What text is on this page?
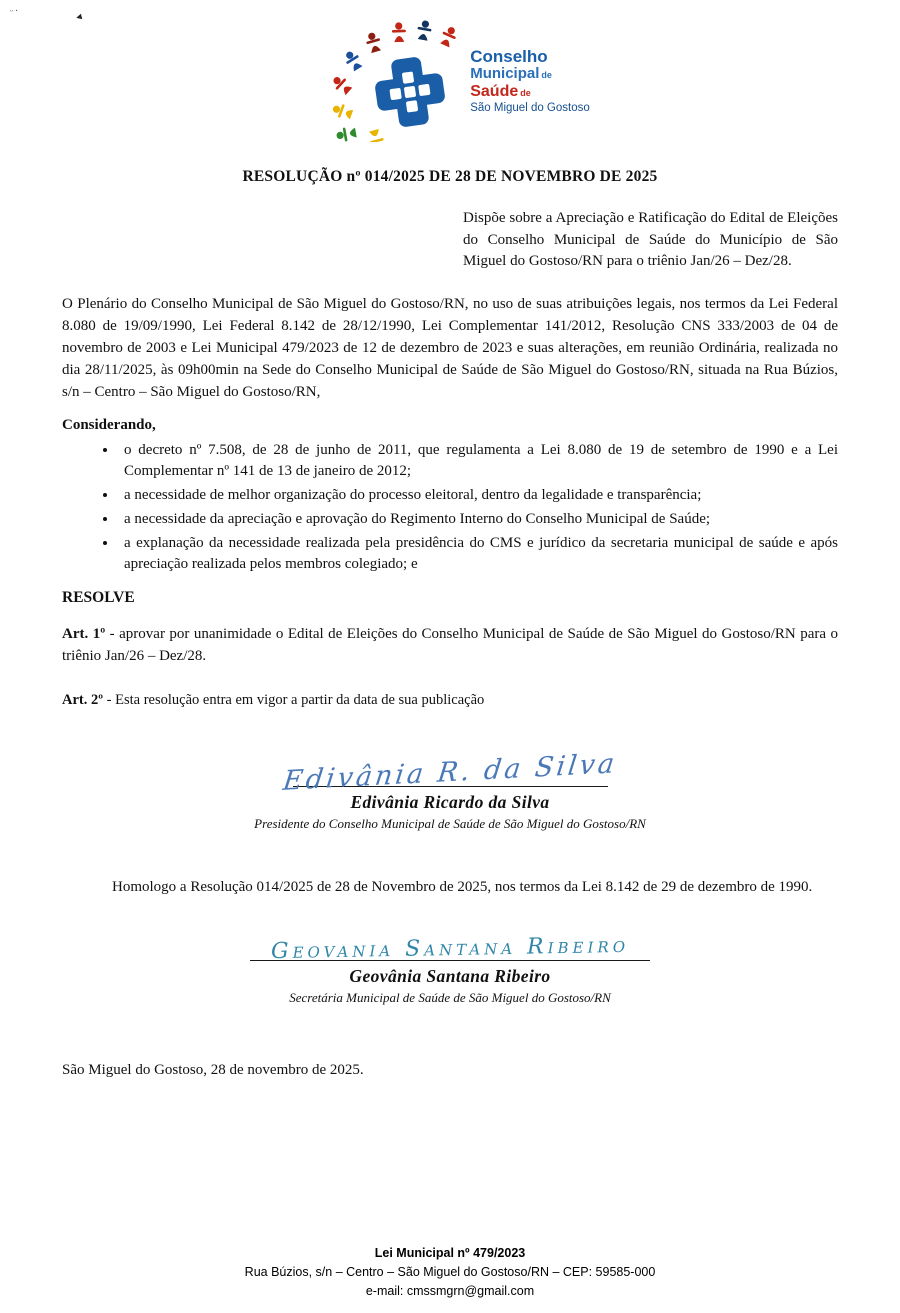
ᵕ·	◂
Conselho
Municipal de
Saúde de
São Miguel do Gostoso
RESOLUÇÃO nº 014/2025 DE 28 DE NOVEMBRO DE 2025

Dispõe sobre a Apreciação e Ratificação do Edital de Eleições do Conselho Municipal de Saúde do Município de São Miguel do Gostoso/RN para o triênio Jan/26 – Dez/28.

O Plenário do Conselho Municipal de São Miguel do Gostoso/RN, no uso de suas atribuições legais, nos termos da Lei Federal 8.080 de 19/09/1990, Lei Federal 8.142 de 28/12/1990, Lei Complementar 141/2012, Resolução CNS 333/2003 de 04 de novembro de 2003 e Lei Municipal 479/2023 de 12 de dezembro de 2023 e suas alterações, em reunião Ordinária, realizada no dia 28/11/2025, às 09h00min na Sede do Conselho Municipal de Saúde de São Miguel do Gostoso/RN, situada na Rua Búzios, s/n – Centro – São Miguel do Gostoso/RN,

Considerando,

• o decreto nº 7.508, de 28 de junho de 2011, que regulamenta a Lei 8.080 de 19 de setembro de 1990 e a Lei Complementar nº 141 de 13 de janeiro de 2012;
• a necessidade de melhor organização do processo eleitoral, dentro da legalidade e transparência;
• a necessidade da apreciação e aprovação do Regimento Interno do Conselho Municipal de Saúde;
• a explanação da necessidade realizada pela presidência do CMS e jurídico da secretaria municipal de saúde e após apreciação realizada pelos membros colegiado; e

RESOLVE

Art. 1º - aprovar por unanimidade o Edital de Eleições do Conselho Municipal de Saúde de São Miguel do Gostoso/RN para o triênio Jan/26 – Dez/28.

Art. 2º - Esta resolução entra em vigor a partir da data de sua publicação

Edivânia R. da Silva
Edivânia Ricardo da Silva
Presidente do Conselho Municipal de Saúde de São Miguel do Gostoso/RN

Homologo a Resolução 014/2025 de 28 de Novembro de 2025, nos termos da Lei 8.142 de 29 de dezembro de 1990.

Geovania Santana Ribeiro
Geovânia Santana Ribeiro
Secretária Municipal de Saúde de São Miguel do Gostoso/RN

São Miguel do Gostoso, 28 de novembro de 2025.

Lei Municipal nº 479/2023
Rua Búzios, s/n – Centro – São Miguel do Gostoso/RN – CEP: 59585-000
e-mail: cmssmgrn@gmail.com
